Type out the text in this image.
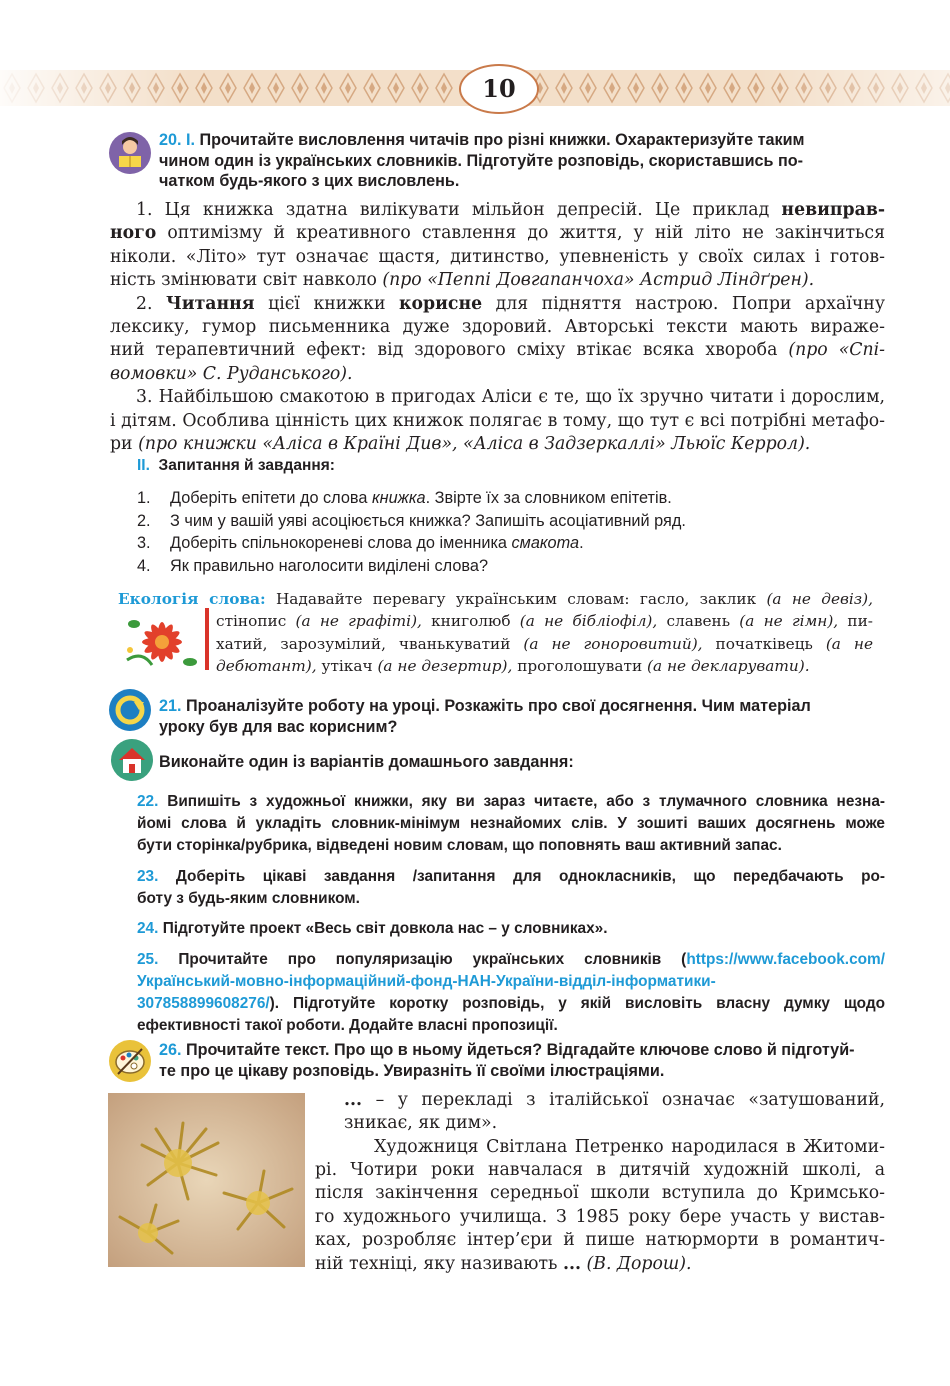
10
20. I. Прочитайте висловлення читачів про різні книжки. Охарактеризуйте таким
чином один із українських словників. Підготуйте розповідь, скориставшись по-
чатком будь-якого з цих висловлень.
1. Ця книжка здатна вилікувати мільйон депресій. Це приклад невиправ-
ного оптимізму й креативного ставлення до життя, у ній літо не закінчиться
ніколи. «Літо» тут означає щастя, дитинство, упевненість у своїх силах і готов-
ність змінювати світ навколо (про «Пеппі Довгапанчоха» Астрид Ліндґрен).
2. Читання цієї книжки корисне для підняття настрою. Попри архаїчну
лексику, гумор письменника дуже здоровий. Авторські тексти мають вираже-
ний терапевтичний ефект: від здорового сміху втікає всяка хвороба (про «Спі-
вомовки» С. Руданського).
3. Найбільшою смакотою в пригодах Аліси є те, що їх зручно читати і дорослим,
і дітям. Особлива цінність цих книжок полягає в тому, що тут є всі потрібні метафо-
ри (про книжки «Аліса в Країні Див», «Аліса в Задзеркаллі» Льюїс Керрол).
II. Запитання й завдання:
1. Доберіть епітети до слова книжка. Звірте їх за словником епітетів.
2. З чим у вашій уяві асоціюється книжка? Запишіть асоціативний ряд.
3. Доберіть спільнокореневі слова до іменника смакота.
4. Як правильно наголосити виділені слова?
Екологія слова: Надавайте перевагу українським словам: гасло, заклик (а не девіз),
стінопис (а не графіті), книголюб (а не бібліофіл), славень (а не гімн), пи-
хатий, зарозумілий, чванькуватий (а не гоноровитий), початківець (а не
дебютант), утікач (а не дезертир), проголошувати (а не декларувати).
21. Проаналізуйте роботу на уроці. Розкажіть про свої досягнення. Чим матеріал
уроку був для вас корисним?
Виконайте один із варіантів домашнього завдання:
22. Випишіть з художньої книжки, яку ви зараз читаєте, або з тлумачного словника незна-
йомі слова й укладіть словник-мінімум незнайомих слів. У зошиті ваших досягнень може
бути сторінка/рубрика, відведені новим словам, що поповнять ваш активний запас.
23. Доберіть цікаві завдання /запитання для однокласників, що передбачають ро-
боту з будь-яким словником.
24. Підготуйте проект «Весь світ довкола нас – у словниках».
25. Прочитайте про популяризацію українських словників (https://www.facebook.com/
Український-мовно-інформаційний-фонд-НАН-України-відділ-інформатики-
307858899608276/). Підготуйте коротку розповідь, у якій висловіть власну думку щодо
ефективності такої роботи. Додайте власні пропозиції.
26. Прочитайте текст. Про що в ньому йдеться? Відгадайте ключове слово й підготуй-
те про це цікаву розповідь. Увиразніть її своїми ілюстраціями.
... – у перекладі з італійської означає «затушований,
зникає, як дим».
Художниця Світлана Петренко народилася в Житоми-
рі. Чотири роки навчалася в дитячій художній школі, а
після закінчення середньої школи вступила до Кримсько-
го художнього училища. З 1985 року бере участь у вистав-
ках, розробляє інтер’єри й пише натюрморти в романтич-
ній техніці, яку називають ... (В. Дорош).
